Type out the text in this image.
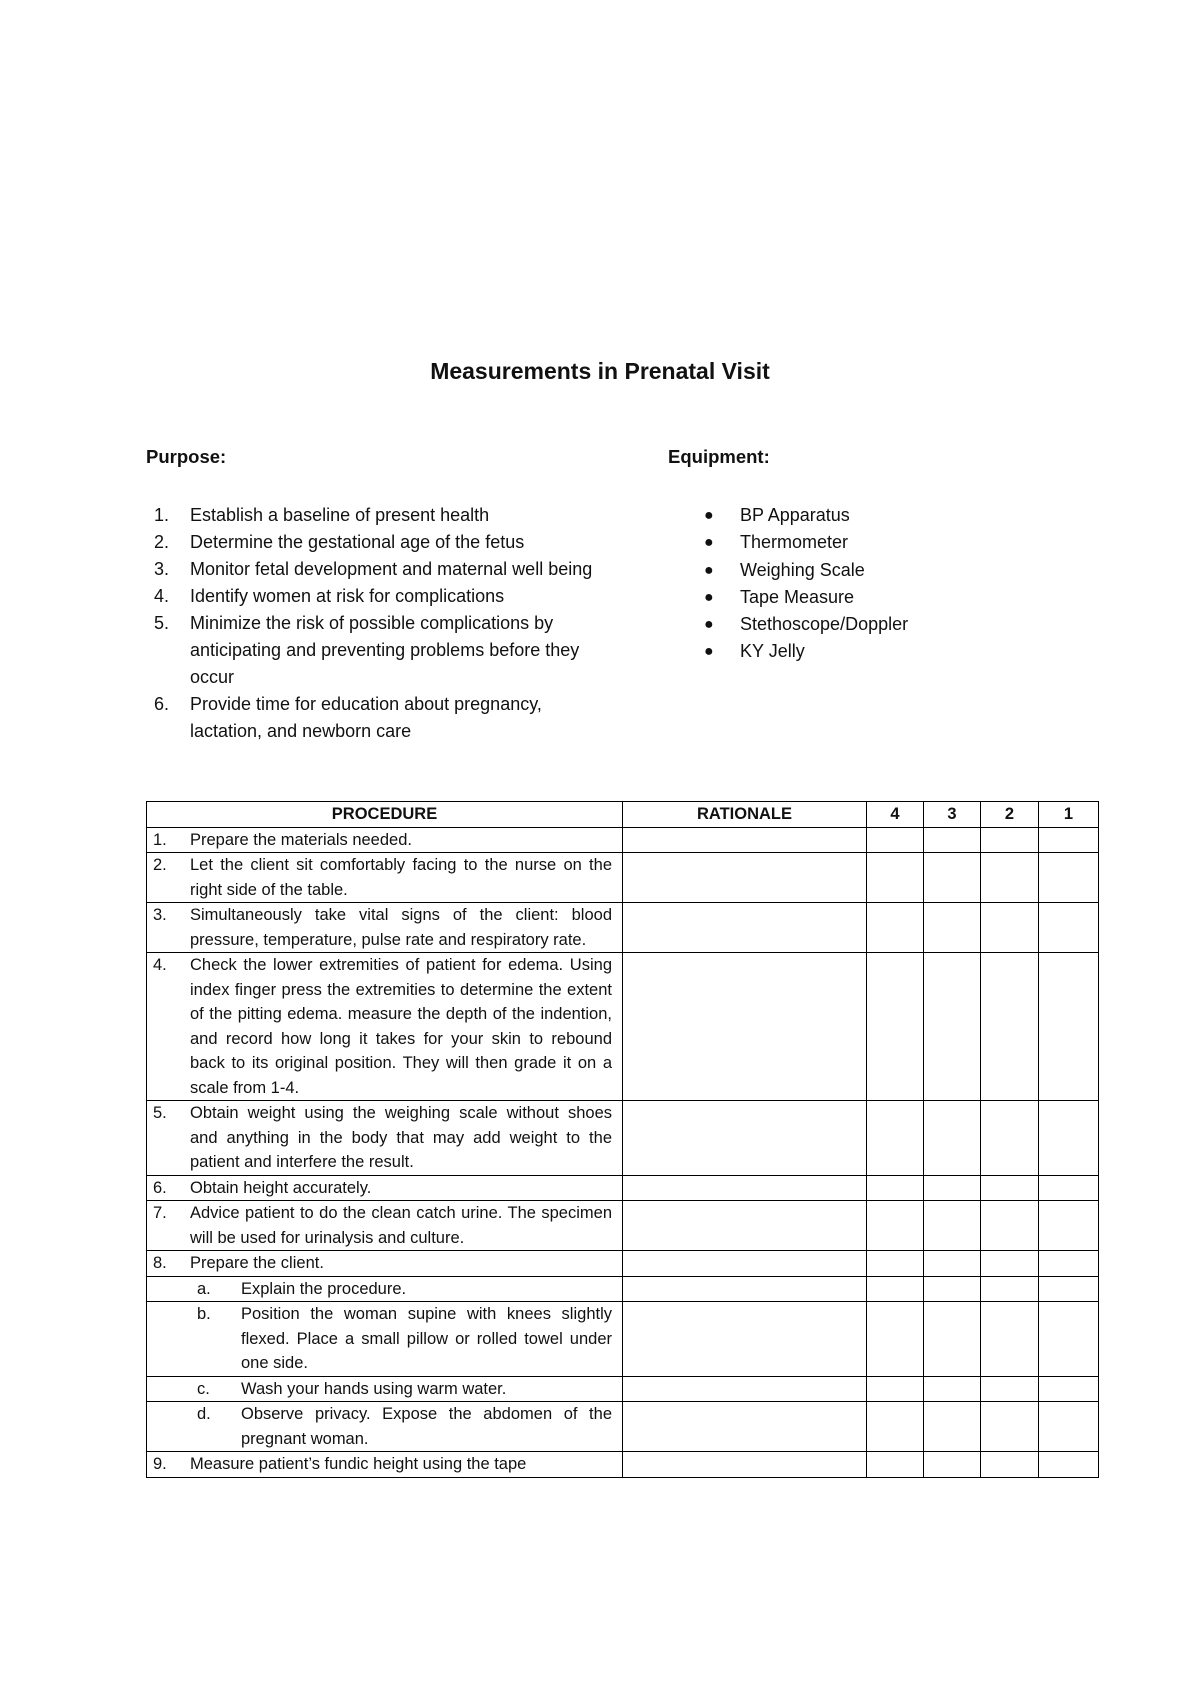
Measurements in Prenatal Visit
Purpose:	Equipment:
1. Establish a baseline of present health
2. Determine the gestational age of the fetus
3. Monitor fetal development and maternal well being
4. Identify women at risk for complications
5. Minimize the risk of possible complications by anticipating and preventing problems before they occur
6. Provide time for education about pregnancy, lactation, and newborn care
● BP Apparatus
● Thermometer
● Weighing Scale
● Tape Measure
● Stethoscope/Doppler
● KY Jelly
PROCEDURE	RATIONALE	4	3	2	1

1. Prepare the materials needed.					

2. Let the client sit comfortably facing to the nurse on the right side of the table.					

3. Simultaneously take vital signs of the client: blood pressure, temperature, pulse rate and respiratory rate.					

4. Check the lower extremities of patient for edema. Using index finger press the extremities to determine the extent of the pitting edema. measure the depth of the indention, and record how long it takes for your skin to rebound back to its original position. They will then grade it on a scale from 1-4.					

5. Obtain weight using the weighing scale without shoes and anything in the body that may add weight to the patient and interfere the result.					

6. Obtain height accurately.					

7. Advice patient to do the clean catch urine. The specimen will be used for urinalysis and culture.					

8. Prepare the client.					

a. Explain the procedure.					

b. Position the woman supine with knees slightly flexed. Place a small pillow or rolled towel under one side.					

c. Wash your hands using warm water.					

d. Observe privacy. Expose the abdomen of the pregnant woman.					

9. Measure patient’s fundic height using the tape					
